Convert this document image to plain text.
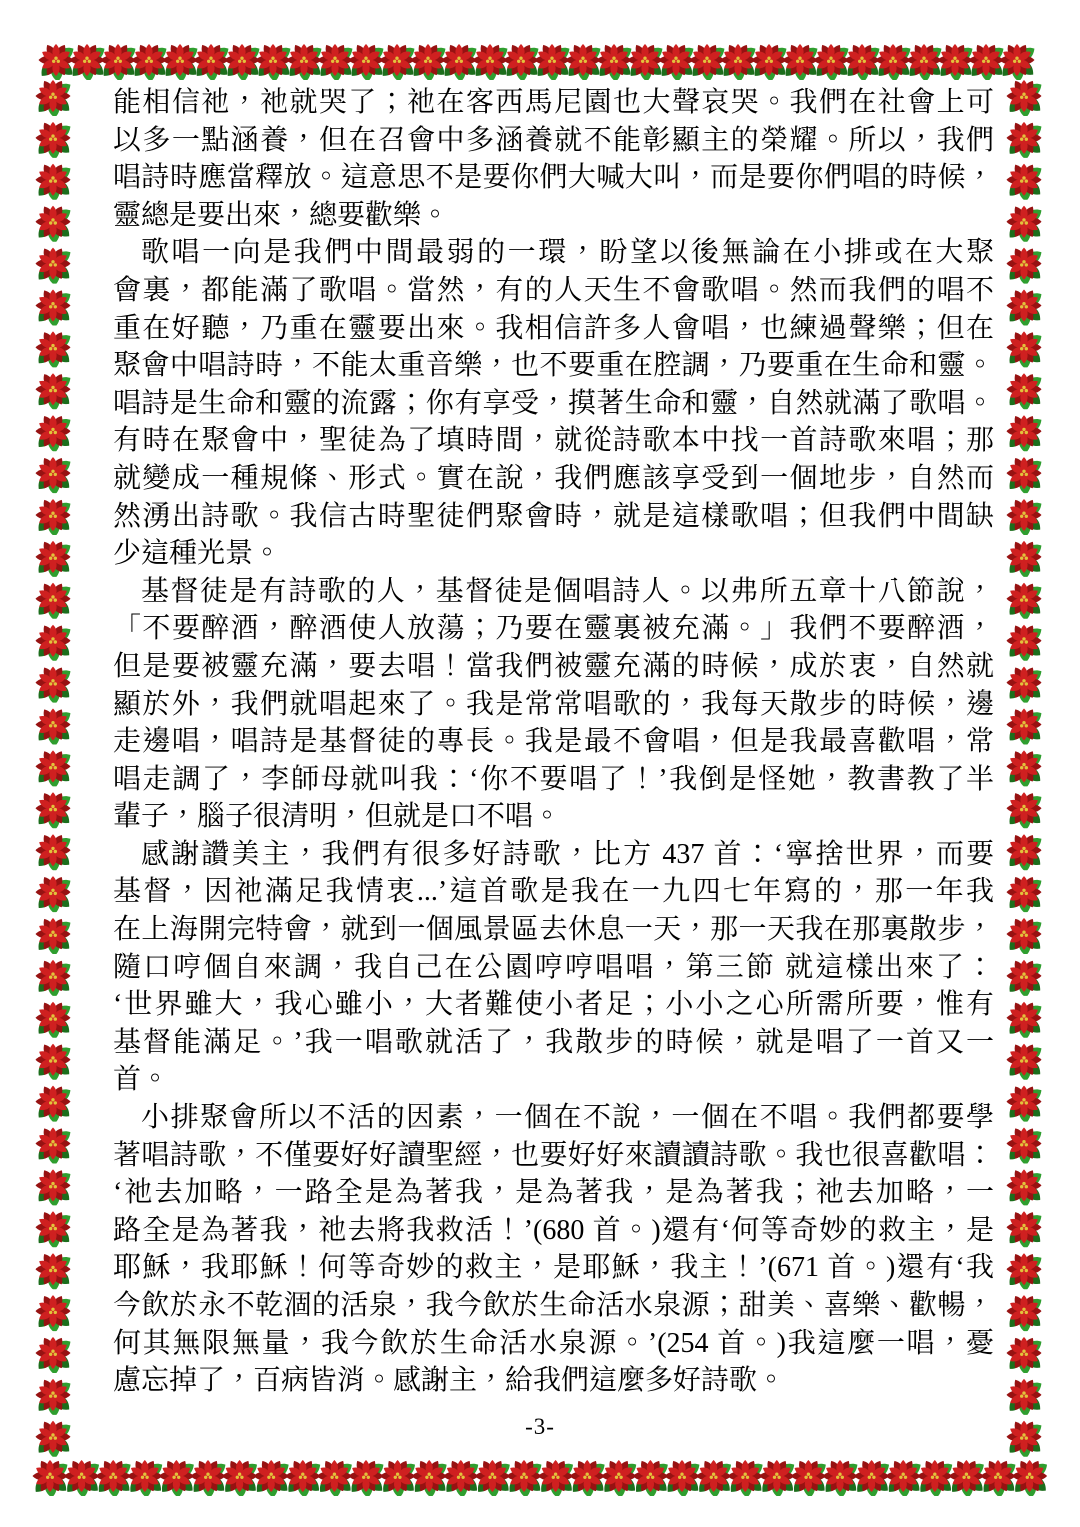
能相信祂，祂就哭了；祂在客西馬尼園也大聲哀哭。我們在社會上可
以多一點涵養，但在召會中多涵養就不能彰顯主的榮耀。所以，我們
唱詩時應當釋放。這意思不是要你們大喊大叫，而是要你們唱的時候，
靈總是要出來，總要歡樂。

歌唱一向是我們中間最弱的一環，盼望以後無論在小排或在大聚
會裏，都能滿了歌唱。當然，有的人天生不會歌唱。然而我們的唱不
重在好聽，乃重在靈要出來。我相信許多人會唱，也練過聲樂；但在
聚會中唱詩時，不能太重音樂，也不要重在腔調，乃要重在生命和靈。
唱詩是生命和靈的流露；你有享受，摸著生命和靈，自然就滿了歌唱。
有時在聚會中，聖徒為了填時間，就從詩歌本中找一首詩歌來唱；那
就變成一種規條、形式。實在說，我們應該享受到一個地步，自然而
然湧出詩歌。我信古時聖徒們聚會時，就是這樣歌唱；但我們中間缺
少這種光景。

基督徒是有詩歌的人，基督徒是個唱詩人。以弗所五章十八節說，
「不要醉酒，醉酒使人放蕩；乃要在靈裏被充滿。」我們不要醉酒，
但是要被靈充滿，要去唱！當我們被靈充滿的時候，成於衷，自然就
顯於外，我們就唱起來了。我是常常唱歌的，我每天散步的時候，邊
走邊唱，唱詩是基督徒的專長。我是最不會唱，但是我最喜歡唱，常
唱走調了，李師母就叫我：‘你不要唱了！’我倒是怪她，教書教了半
輩子，腦子很清明，但就是口不唱。

感謝讚美主，我們有很多好詩歌，比方 437 首：‘寧捨世界，而要
基督，因祂滿足我情衷...’這首歌是我在一九四七年寫的，那一年我
在上海開完特會，就到一個風景區去休息一天，那一天我在那裏散步，
隨口哼個自來調，我自己在公園哼哼唱唱，第三節 就這樣出來了：
‘世界雖大，我心雖小，大者難使小者足；小小之心所需所要，惟有
基督能滿足。’我一唱歌就活了，我散步的時候，就是唱了一首又一
首。

小排聚會所以不活的因素，一個在不說，一個在不唱。我們都要學
著唱詩歌，不僅要好好讀聖經，也要好好來讀讀詩歌。我也很喜歡唱：
‘祂去加略，一路全是為著我，是為著我，是為著我；祂去加略，一
路全是為著我，祂去將我救活！’(680 首。)還有‘何等奇妙的救主，是
耶穌，我耶穌！何等奇妙的救主，是耶穌，我主！’(671 首。)還有‘我
今飲於永不乾涸的活泉，我今飲於生命活水泉源；甜美、喜樂、歡暢，
何其無限無量，我今飲於生命活水泉源。’(254 首。)我這麼一唱，憂
慮忘掉了，百病皆消。感謝主，給我們這麼多好詩歌。

-3-
